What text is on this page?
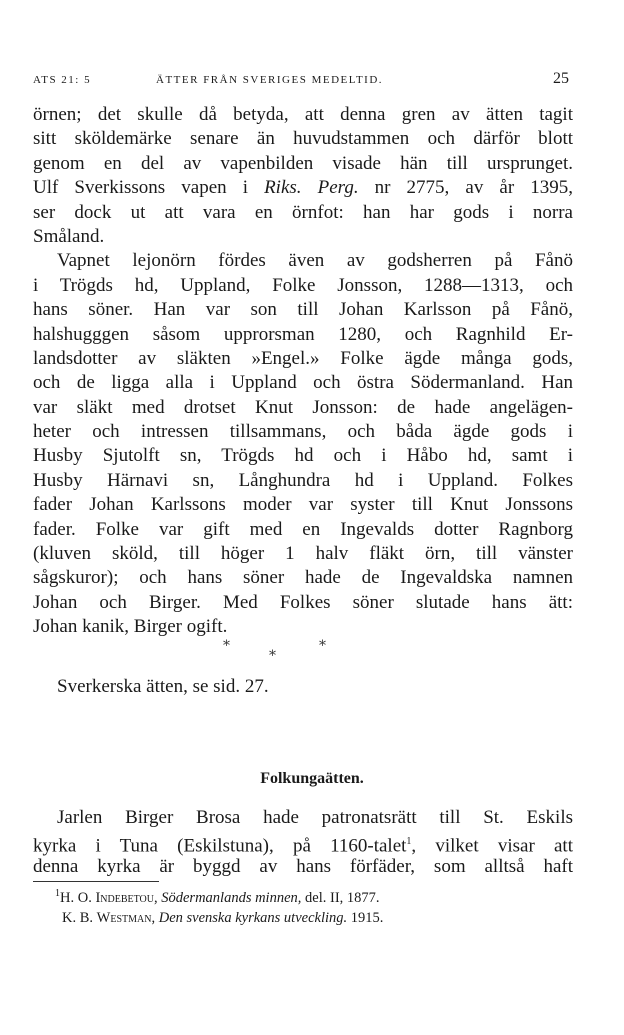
ATS 21: 5	ÄTTER FRÅN SVERIGES MEDELTID.	25
örnen; det skulle då betyda, att denna gren av ätten tagit
sitt sköldemärke senare än huvudstammen och därför blott
genom en del av vapenbilden visade hän till ursprunget.
Ulf Sverkissons vapen i Riks. Perg. nr 2775, av år 1395,
ser dock ut att vara en örnfot: han har gods i norra
Småland.
Vapnet lejonörn fördes även av godsherren på Fånö
i Trögds hd, Uppland, Folke Jonsson, 1288—1313, och
hans söner. Han var son till Johan Karlsson på Fånö,
halshugggen såsom upprorsman 1280, och Ragnhild Er-
landsdotter av släkten »Engel.» Folke ägde många gods,
och de ligga alla i Uppland och östra Södermanland. Han
var släkt med drotset Knut Jonsson: de hade angelägen-
heter och intressen tillsammans, och båda ägde gods i
Husby Sjutolft sn, Trögds hd och i Håbo hd, samt i
Husby Härnavi sn, Långhundra hd i Uppland. Folkes
fader Johan Karlssons moder var syster till Knut Jonssons
fader. Folke var gift med en Ingevalds dotter Ragnborg
(kluven sköld, till höger 1 halv fläkt örn, till vänster
sågskuror); och hans söner hade de Ingevaldska namnen
Johan och Birger. Med Folkes söner slutade hans ätt:
Johan kanik, Birger ogift.
*
*
*
Sverkerska ätten, se sid. 27.
Folkungaätten.
Jarlen Birger Brosa hade patronatsrätt till St. Eskils
kyrka i Tuna (Eskilstuna), på 1160-talet$^1$, vilket visar att
denna kyrka är byggd av hans förfäder, som alltså haft
$^1$H. O. Indebetou, Södermanlands minnen, del. II, 1877.
K. B. Westman, Den svenska kyrkans utveckling. 1915.
